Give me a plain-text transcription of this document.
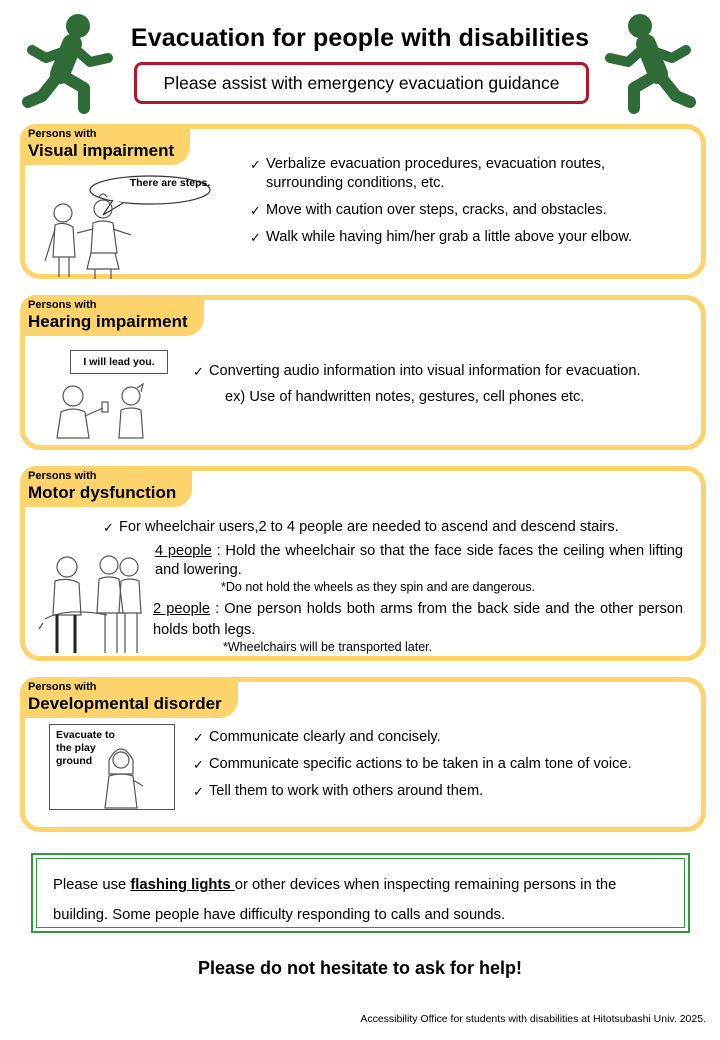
Evacuation for people with disabilities
Please assist with emergency evacuation guidance
Persons with
Visual impairment
There are steps.
✓ Verbalize evacuation procedures, evacuation routes, surrounding conditions, etc.
✓ Move with caution over steps, cracks, and obstacles.
✓ Walk while having him/her grab a little above your elbow.
Persons with
Hearing impairment
I will lead you.
✓ Converting audio information into visual information for evacuation.
ex) Use of handwritten notes, gestures, cell phones etc.
Persons with
Motor dysfunction
✓ For wheelchair users,2 to 4 people are needed to ascend and descend stairs.
4 people : Hold the wheelchair so that the face side faces the ceiling when lifting and lowering.
*Do not hold the wheels as they spin and are dangerous.
2 people : One person holds both arms from the back side and the other person holds both legs.
*Wheelchairs will be transported later.
Persons with
Developmental disorder
Evacuate to the play ground
✓ Communicate clearly and concisely.
✓ Communicate specific actions to be taken in a calm tone of voice.
✓ Tell them to work with others around them.
Please use flashing lights or other devices when inspecting remaining persons in the building. Some people have difficulty responding to calls and sounds.
Please do not hesitate to ask for help!
Accessibility Office for students with disabilities at Hitotsubashi Univ. 2025.
